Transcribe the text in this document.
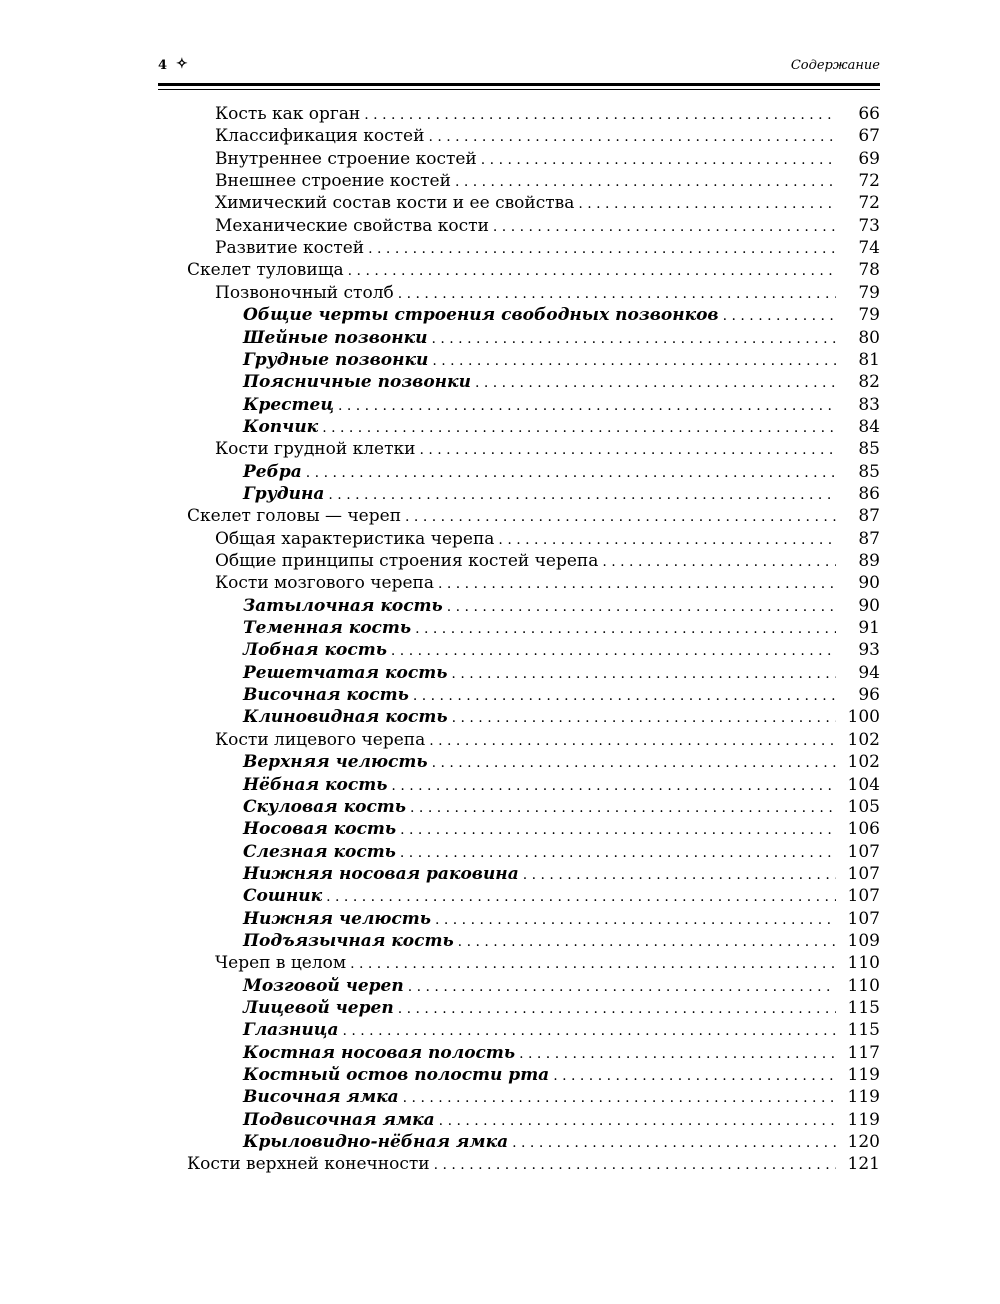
4 ✧	Содержание
Кость как орган . . .	66
Классификация костей . . .	67
Внутреннее строение костей . . .	69
Внешнее строение костей . . .	72
Химический состав кости и ее свойства . . .	72
Механические свойства кости . . .	73
Развитие костей . . .	74
Скелет туловища . . .	78
Позвоночный столб . . .	79
Общие черты строения свободных позвонков . . .	79
Шейные позвонки . . .	80
Грудные позвонки . . .	81
Поясничные позвонки . . .	82
Крестец . . .	83
Копчик . . .	84
Кости грудной клетки . . .	85
Ребра . . .	85
Грудина . . .	86
Скелет головы — череп . . .	87
Общая характеристика черепа . . .	87
Общие принципы строения костей черепа . . .	89
Кости мозгового черепа . . .	90
Затылочная кость . . .	90
Теменная кость . . .	91
Лобная кость . . .	93
Решетчатая кость . . .	94
Височная кость . . .	96
Клиновидная кость . . .	100
Кости лицевого черепа . . .	102
Верхняя челюсть . . .	102
Нёбная кость . . .	104
Скуловая кость . . .	105
Носовая кость . . .	106
Слезная кость . . .	107
Нижняя носовая раковина . . .	107
Сошник . . .	107
Нижняя челюсть . . .	107
Подъязычная кость . . .	109
Череп в целом . . .	110
Мозговой череп . . .	110
Лицевой череп . . .	115
Глазница . . .	115
Костная носовая полость . . .	117
Костный остов полости рта . . .	119
Височная ямка . . .	119
Подвисочная ямка . . .	119
Крыловидно-нёбная ямка . . .	120
Кости верхней конечности . . .	121
